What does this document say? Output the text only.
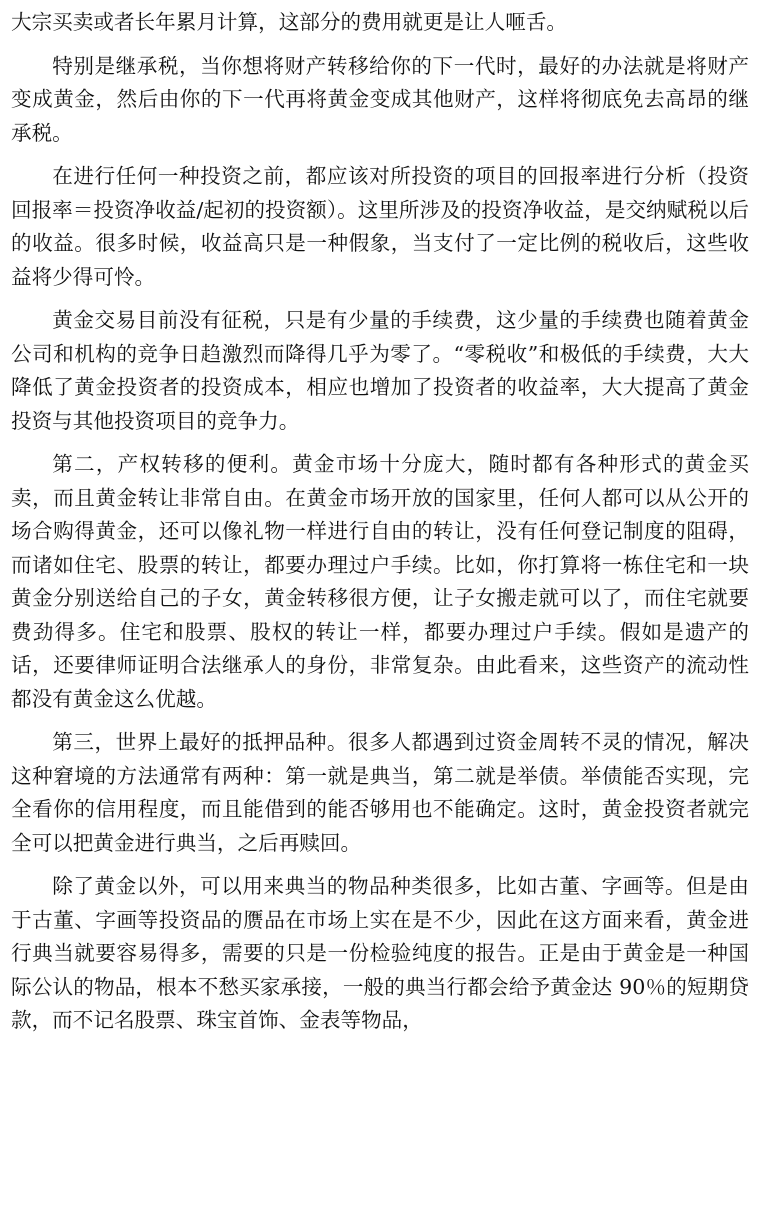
大宗买卖或者长年累月计算，这部分的费用就更是让人咂舌。

特别是继承税，当你想将财产转移给你的下一代时，最好的办法就是将财产变成黄金，然后由你的下一代再将黄金变成其他财产，这样将彻底免去高昂的继承税。

在进行任何一种投资之前，都应该对所投资的项目的回报率进行分析（投资回报率＝投资净收益/起初的投资额）。这里所涉及的投资净收益，是交纳赋税以后的收益。很多时候，收益高只是一种假象，当支付了一定比例的税收后，这些收益将少得可怜。

黄金交易目前没有征税，只是有少量的手续费，这少量的手续费也随着黄金公司和机构的竞争日趋激烈而降得几乎为零了。“零税收”和极低的手续费，大大降低了黄金投资者的投资成本，相应也增加了投资者的收益率，大大提高了黄金投资与其他投资项目的竞争力。

第二，产权转移的便利。黄金市场十分庞大，随时都有各种形式的黄金买卖，而且黄金转让非常自由。在黄金市场开放的国家里，任何人都可以从公开的场合购得黄金，还可以像礼物一样进行自由的转让，没有任何登记制度的阻碍，而诸如住宅、股票的转让，都要办理过户手续。比如，你打算将一栋住宅和一块黄金分别送给自己的子女，黄金转移很方便，让子女搬走就可以了，而住宅就要费劲得多。住宅和股票、股权的转让一样，都要办理过户手续。假如是遗产的话，还要律师证明合法继承人的身份，非常复杂。由此看来，这些资产的流动性都没有黄金这么优越。

第三，世界上最好的抵押品种。很多人都遇到过资金周转不灵的情况，解决这种窘境的方法通常有两种：第一就是典当，第二就是举债。举债能否实现，完全看你的信用程度，而且能借到的能否够用也不能确定。这时，黄金投资者就完全可以把黄金进行典当，之后再赎回。

除了黄金以外，可以用来典当的物品种类很多，比如古董、字画等。但是由于古董、字画等投资品的赝品在市场上实在是不少，因此在这方面来看，黄金进行典当就要容易得多，需要的只是一份检验纯度的报告。正是由于黄金是一种国际公认的物品，根本不愁买家承接，一般的典当行都会给予黄金达 90％的短期贷款，而不记名股票、珠宝首饰、金表等物品，
